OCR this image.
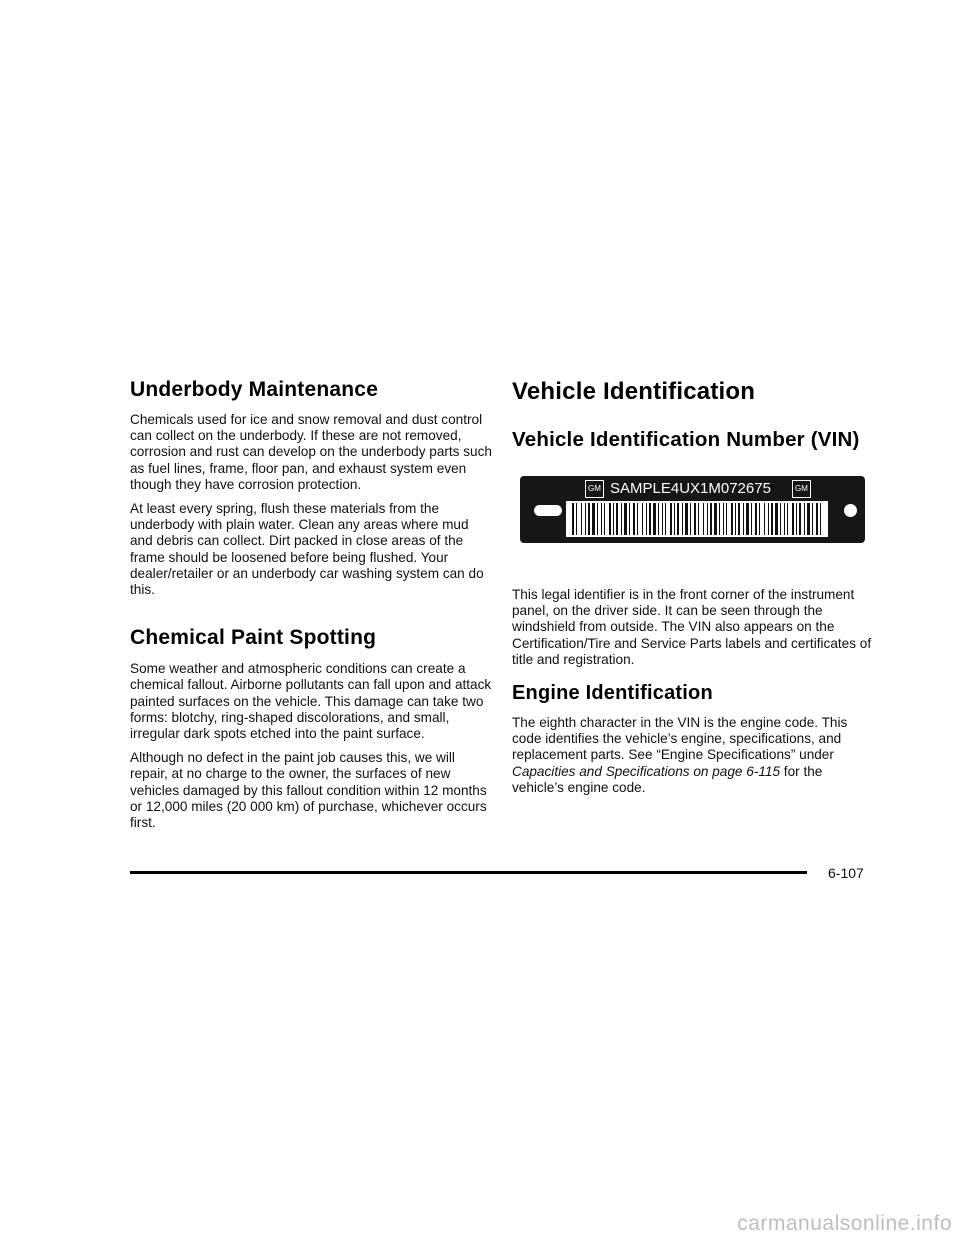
Underbody Maintenance

Chemicals used for ice and snow removal and dust control can collect on the underbody. If these are not removed, corrosion and rust can develop on the underbody parts such as fuel lines, frame, floor pan, and exhaust system even though they have corrosion protection.

At least every spring, flush these materials from the underbody with plain water. Clean any areas where mud and debris can collect. Dirt packed in close areas of the frame should be loosened before being flushed. Your dealer/retailer or an underbody car washing system can do this.

Chemical Paint Spotting

Some weather and atmospheric conditions can create a chemical fallout. Airborne pollutants can fall upon and attack painted surfaces on the vehicle. This damage can take two forms: blotchy, ring-shaped discolorations, and small, irregular dark spots etched into the paint surface.

Although no defect in the paint job causes this, we will repair, at no charge to the owner, the surfaces of new vehicles damaged by this fallout condition within 12 months or 12,000 miles (20 000 km) of purchase, whichever occurs first.

Vehicle Identification
Vehicle Identification Number (VIN)
GM SAMPLE4UX1M072675	GM

This legal identifier is in the front corner of the instrument panel, on the driver side. It can be seen through the windshield from outside. The VIN also appears on the Certification/Tire and Service Parts labels and certificates of title and registration.

Engine Identification

The eighth character in the VIN is the engine code. This code identifies the vehicle’s engine, specifications, and replacement parts. See “Engine Specifications” under Capacities and Specifications on page 6-115 for the vehicle’s engine code.

6-107
carmanualsonline.info
